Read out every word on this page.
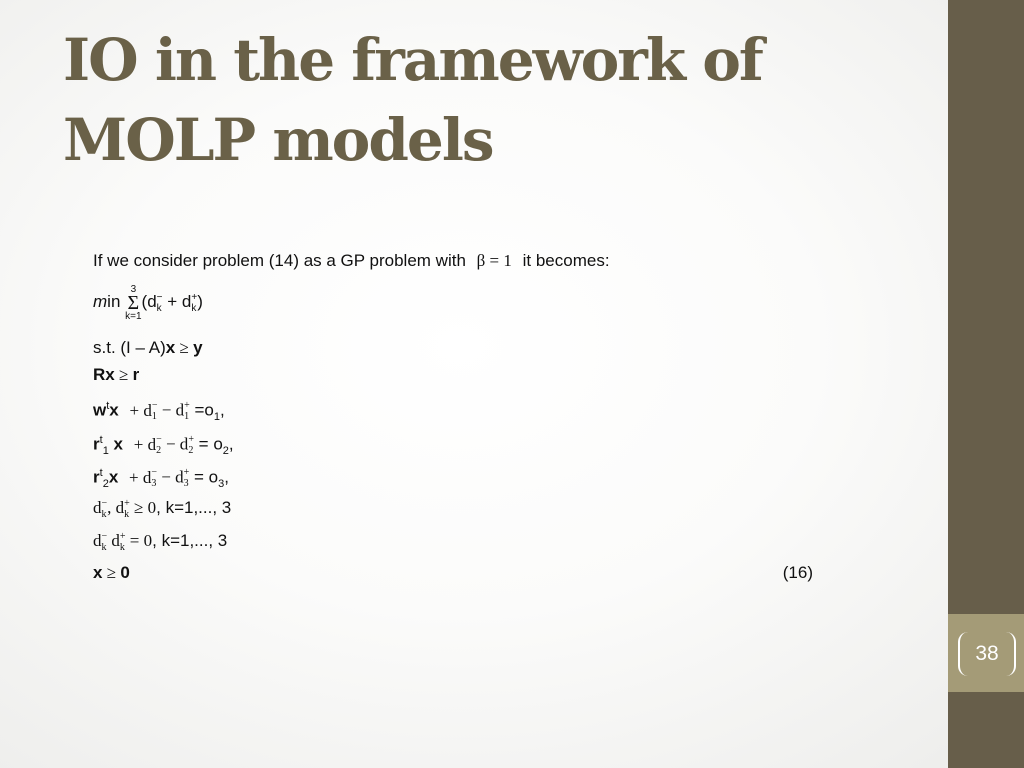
38
IO in the framework of MOLP models
If we consider problem (14) as a GP problem with β = 1 it becomes:
min
3
Σ
k=1
(d −
k + d +
k )
s.t. (I – A)x ≥ y
Rx ≥ r
$w^tx + d$ −
1 − d +
$1 =o_1$,
$r^t_1$ x + d −
2 − d +
$2 = o_2$,
$r^t_2x + d$ −
3 − d +
$3 = o_3$,
d −
k , d +
k ≥ 0, k=1,..., 3
d −
k d +
k = 0, k=1,..., 3
x ≥ 0	(16)
